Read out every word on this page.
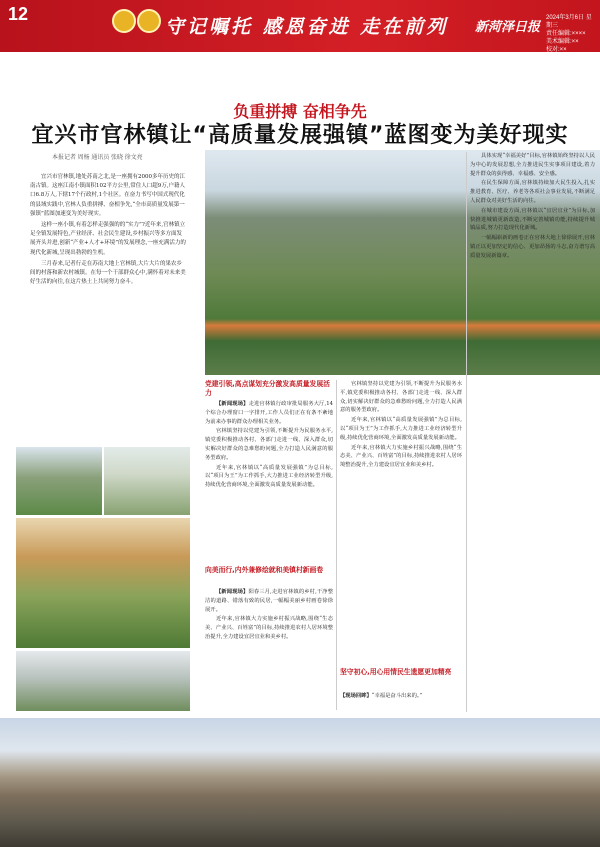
12
守记嘱托 感恩奋进 走在前列 新菏泽日报
2024年3月6日 星期三
责任编辑:××××
美术编辑:××
校对:××
负重拼搏 奋相争先
宜兴市官林镇让“高质量发展强镇”蓝图变为美好现实
本报记者 周杨 通讯员 张晓 徐文亮

宜兴市官林镇,地处苏南之北,是一座拥有2000多年历史的江南古镇。这座江南小镇面积102平方公里,常住人口超9万,户籍人口6.8万人,下辖17个行政村,1个社区。在奋力书写中国式现代化的县域实践中,官林人负重拼搏、奋相争先,“全市高质量发展第一强镇”蓝图加速变为美好现实。

这样一座小镇,有着怎样走强强的的“实力”?近年来,官林镇立足全镇发展特色,产业经济、社会民生建设,乡村振兴等多方面发展齐头并进,创新“产业+人才+环境”的发展理念,一座充满活力的现代化新城,呈现出勃勃的生机。

三月春来,记者行走在苏南大地上官林镇,大片大片的果农乡间的村落和新农村城镇。在每一个干部群众心中,满怀着对未来美好生活的向往,在这片热土上共同努力奋斗。

党建引领,高点谋划充分激发高质量发展活力

【新闻现场】走进官林镇行政审批局服务大厅,14个综合办理窗口一字排开,工作人员们正在有条不紊地为前来办事的群众办理相关业务。

官林镇坚持以党建为引领,不断提升为民服务水平,镇党委积极推动各村、各部门走进一线、深入群众,切实解决好群众的急难愁盼问题,全力打造人民满意的服务型政府。

近年来,官林镇以“高质量发展强镇”为总目标,以“项目为王”为工作抓手,大力推进工业经济转型升级,持续优化营商环境,全面激发高质量发展新动能。

向美而行,内外兼修绘就和美镇村新画卷

【新闻现场】阳春三月,走进官林镇的乡村,干净整洁的道路、错落有致的民居,一幅幅美丽乡村画卷徐徐展开。

近年来,官林镇大力实施乡村振兴战略,围绕“生态美、产业兴、百姓富”的目标,持续推进农村人居环境整治提升,全力建设宜居宜业和美乡村。

官林镇坚持以党建为引领,不断提升为民服务水平,镇党委积极推动各村、各部门走进一线、深入群众,切实解决好群众的急难愁盼问题,全力打造人民满意的服务型政府。

近年来,官林镇以“高质量发展强镇”为总目标,以“项目为王”为工作抓手,大力推进工业经济转型升级,持续优化营商环境,全面激发高质量发展新动能。

近年来,官林镇大力实施乡村振兴战略,围绕“生态美、产业兴、百姓富”的目标,持续推进农村人居环境整治提升,全力建设宜居宜业和美乡村。

坚守初心,用心用情民生遗愿更加精亮
【现场回眸】“幸福是奋斗出来的。”

具体实现“幸福美好”目标,官林镇始终坚持以人民为中心的发展思想,全力推进民生实事项目建设,着力提升群众的获得感、幸福感、安全感。

在民生保障方面,官林镇持续加大民生投入,扎实推进教育、医疗、养老等各项社会事业发展,不断满足人民群众对美好生活的向往。

在城市建设方面,官林镇以“宜居宜业”为目标,加快推进城镇更新改造,不断完善城镇功能,持续提升城镇品质,努力打造现代化新城。

一幅幅崭新的画卷正在官林大地上徐徐展开,官林镇正以更加坚定的信心、更加昂扬的斗志,奋力谱写高质量发展新篇章。
